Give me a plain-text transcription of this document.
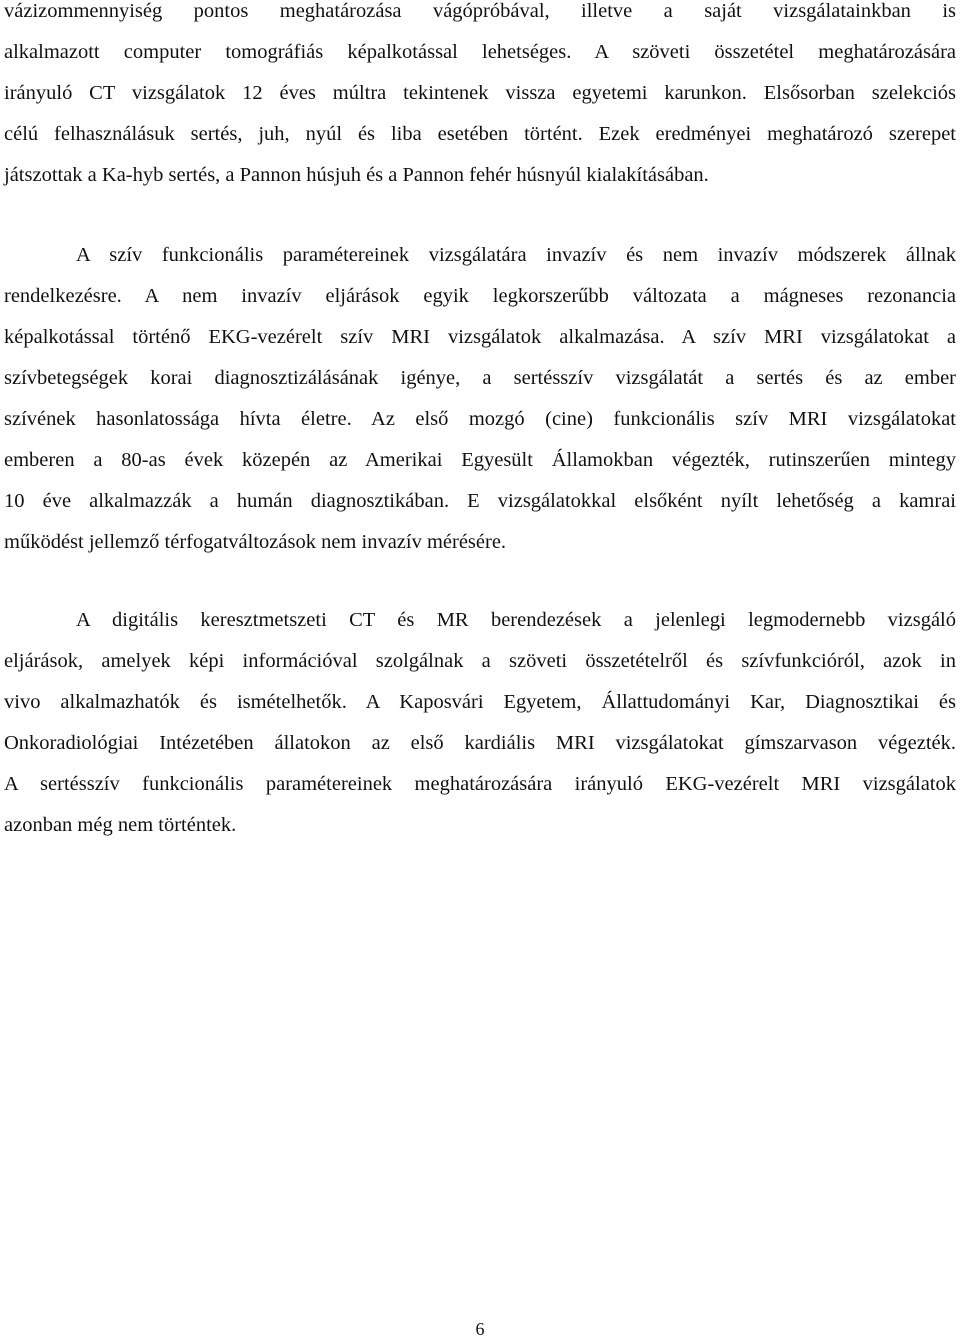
vázizommennyiség pontos meghatározása vágópróbával, illetve a saját vizsgálatainkban is
alkalmazott computer tomográfiás képalkotással lehetséges. A szöveti összetétel meghatározására
irányuló CT vizsgálatok 12 éves múltra tekintenek vissza egyetemi karunkon. Elsősorban szelekciós
célú felhasználásuk sertés, juh, nyúl és liba esetében történt. Ezek eredményei meghatározó szerepet
játszottak a Ka-hyb sertés, a Pannon húsjuh és a Pannon fehér húsnyúl kialakításában.
A szív funkcionális paramétereinek vizsgálatára invazív és nem invazív módszerek állnak
rendelkezésre. A nem invazív eljárások egyik legkorszerűbb változata a mágneses rezonancia
képalkotással történő EKG-vezérelt szív MRI vizsgálatok alkalmazása. A szív MRI vizsgálatokat a
szívbetegségek korai diagnosztizálásának igénye, a sertésszív vizsgálatát a sertés és az ember
szívének hasonlatossága hívta életre. Az első mozgó (cine) funkcionális szív MRI vizsgálatokat
emberen a 80-as évek közepén az Amerikai Egyesült Államokban végezték, rutinszerűen mintegy
10 éve alkalmazzák a humán diagnosztikában. E vizsgálatokkal elsőként nyílt lehetőség a kamrai
működést jellemző térfogatváltozások nem invazív mérésére.
A digitális keresztmetszeti CT és MR berendezések a jelenlegi legmodernebb vizsgáló
eljárások, amelyek képi információval szolgálnak a szöveti összetételről és szívfunkcióról, azok in
vivo alkalmazhatók és ismételhetők. A Kaposvári Egyetem, Állattudományi Kar, Diagnosztikai és
Onkoradiológiai Intézetében állatokon az első kardiális MRI vizsgálatokat gímszarvason végezték.
A sertésszív funkcionális paramétereinek meghatározására irányuló EKG-vezérelt MRI vizsgálatok
azonban még nem történtek.
6
